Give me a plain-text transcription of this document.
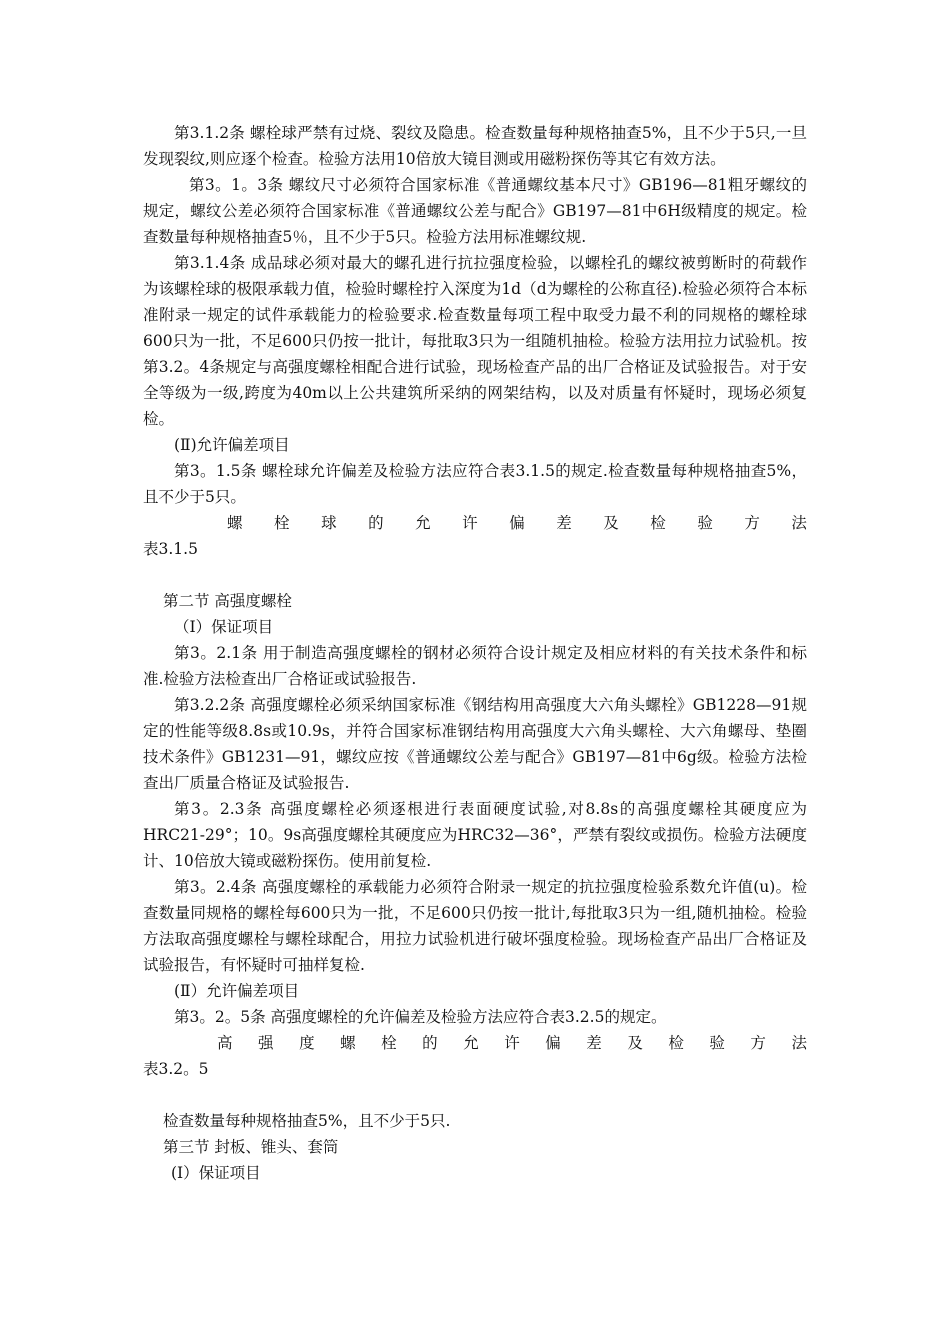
第3.1.2条 螺栓球严禁有过烧、裂纹及隐患。检查数量每种规格抽查5%，且不少于5只,一旦发现裂纹,则应逐个检查。检验方法用10倍放大镜目测或用磁粉探伤等其它有效方法。

第3。1。3条 螺纹尺寸必须符合国家标准《普通螺纹基本尺寸》GB196—81粗牙螺纹的规定，螺纹公差必须符合国家标准《普通螺纹公差与配合》GB197—81中6H级精度的规定。检查数量每种规格抽查5％，且不少于5只。检验方法用标准螺纹规.

第3.1.4条 成品球必须对最大的螺孔进行抗拉强度检验，以螺栓孔的螺纹被剪断时的荷载作为该螺栓球的极限承载力值，检验时螺栓拧入深度为1d（d为螺栓的公称直径).检验必须符合本标准附录一规定的试件承载能力的检验要求.检查数量每项工程中取受力最不利的同规格的螺栓球600只为一批，不足600只仍按一批计，每批取3只为一组随机抽检。检验方法用拉力试验机。按第3.2。4条规定与高强度螺栓相配合进行试验，现场检查产品的出厂合格证及试验报告。对于安全等级为一级,跨度为40m以上公共建筑所采纳的网架结构，以及对质量有怀疑时，现场必须复检。

(Ⅱ)允许偏差项目

第3。1.5条 螺栓球允许偏差及检验方法应符合表3.1.5的规定.检查数量每种规格抽查5%，且不少于5只。

螺 栓 球 的 允 许 偏 差 及 检 验 方 法

表3.1.5

第二节 高强度螺栓

（Ⅰ）保证项目

第3。2.1条 用于制造高强度螺栓的钢材必须符合设计规定及相应材料的有关技术条件和标准.检验方法检查出厂合格证或试验报告.

第3.2.2条 高强度螺栓必须采纳国家标准《钢结构用高强度大六角头螺栓》GB1228—91规定的性能等级8.8s或10.9s，并符合国家标准钢结构用高强度大六角头螺栓、大六角螺母、垫圈技术条件》GB1231—91，螺纹应按《普通螺纹公差与配合》GB197—81中6g级。检验方法检查出厂质量合格证及试验报告.

第3。2.3条 高强度螺栓必须逐根进行表面硬度试验,对8.8s的高强度螺栓其硬度应为HRC21-29°；10。9s高强度螺栓其硬度应为HRC32—36°，严禁有裂纹或损伤。检验方法硬度计、10倍放大镜或磁粉探伤。使用前复检.

第3。2.4条 高强度螺栓的承载能力必须符合附录一规定的抗拉强度检验系数允许值(u)。检查数量同规格的螺栓每600只为一批，不足600只仍按一批计,每批取3只为一组,随机抽检。检验方法取高强度螺栓与螺栓球配合，用拉力试验机进行破坏强度检验。现场检查产品出厂合格证及试验报告，有怀疑时可抽样复检.

(Ⅱ）允许偏差项目

第3。2。5条 高强度螺栓的允许偏差及检验方法应符合表3.2.5的规定。

高 强 度 螺 栓 的 允 许 偏 差 及 检 验 方 法

表3.2。5

检查数量每种规格抽查5%，且不少于5只.

第三节 封板、锥头、套筒

(Ⅰ）保证项目
